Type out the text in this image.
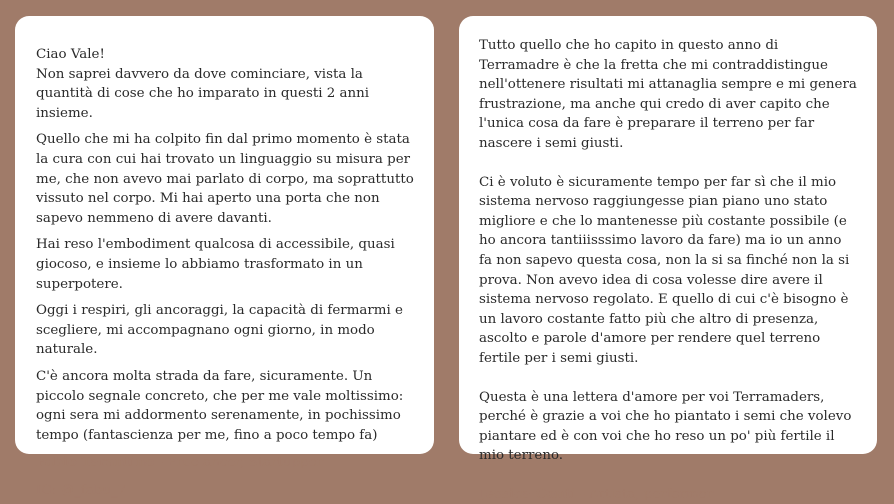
Ciao Vale!

Non saprei davvero da dove cominciare, vista la quantità di cose che ho imparato in questi 2 anni insieme.

Quello che mi ha colpito fin dal primo momento è stata la cura con cui hai trovato un linguaggio su misura per me, che non avevo mai parlato di corpo, ma soprattutto vissuto nel corpo. Mi hai aperto una porta che non sapevo nemmeno di avere davanti.

Hai reso l'embodiment qualcosa di accessibile, quasi giocoso, e insieme lo abbiamo trasformato in un superpotere.

Oggi i respiri, gli ancoraggi, la capacità di fermarmi e scegliere, mi accompagnano ogni giorno, in modo naturale.

C'è ancora molta strada da fare, sicuramente. Un piccolo segnale concreto, che per me vale moltissimo: ogni sera mi addormento serenamente, in pochissimo tempo (fantascienza per me, fino a poco tempo fa)

Fabio Tarantino - Freelancer, Startupper
IG: @_fabu_7

Tutto quello che ho capito in questo anno di Terramadre è che la fretta che mi contraddistingue nell'ottenere risultati mi attanaglia sempre e mi genera frustrazione, ma anche qui credo di aver capito che l'unica cosa da fare è preparare il terreno per far nascere i semi giusti.

Ci è voluto è sicuramente tempo per far sì che il mio sistema nervoso raggiungesse pian piano uno stato migliore e che lo mantenesse più costante possibile (e ho ancora tantiiisssimo lavoro da fare) ma io un anno fa non sapevo questa cosa, non la si sa finché non la si prova. Non avevo idea di cosa volesse dire avere il sistema nervoso regolato. E quello di cui c'è bisogno è un lavoro costante fatto più che altro di presenza, ascolto e parole d'amore per rendere quel terreno fertile per i semi giusti.

Questa è una lettera d'amore per voi Terramaders, perché è grazie a voi che ho piantato i semi che volevo piantare ed è con voi che ho reso un po' più fertile il mio terreno.

Jessica Conti - Artista, performer
